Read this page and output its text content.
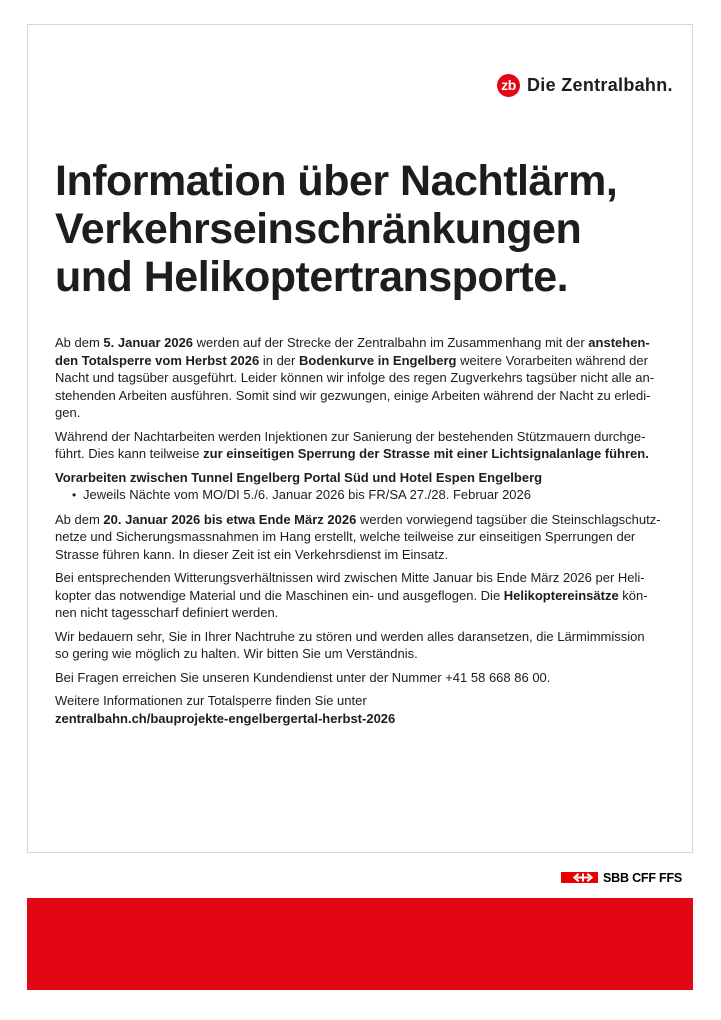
zb Die Zentralbahn.
Information über Nachtlärm,
Verkehrseinschränkungen
und Helikoptertransporte.
Ab dem 5. Januar 2026 werden auf der Strecke der Zentralbahn im Zusammenhang mit der anstehen-
den Totalsperre vom Herbst 2026 in der Bodenkurve in Engelberg weitere Vorarbeiten während der
Nacht und tagsüber ausgeführt. Leider können wir infolge des regen Zugverkehrs tagsüber nicht alle an-
stehenden Arbeiten ausführen. Somit sind wir gezwungen, einige Arbeiten während der Nacht zu erledi-
gen.
Während der Nachtarbeiten werden Injektionen zur Sanierung der bestehenden Stützmauern durchge-
führt. Dies kann teilweise zur einseitigen Sperrung der Strasse mit einer Lichtsignalanlage führen.
Vorarbeiten zwischen Tunnel Engelberg Portal Süd und Hotel Espen Engelberg
• Jeweils Nächte vom MO/DI 5./6. Januar 2026 bis FR/SA 27./28. Februar 2026
Ab dem 20. Januar 2026 bis etwa Ende März 2026 werden vorwiegend tagsüber die Steinschlagschutz-
netze und Sicherungsmassnahmen im Hang erstellt, welche teilweise zur einseitigen Sperrungen der
Strasse führen kann. In dieser Zeit ist ein Verkehrsdienst im Einsatz.
Bei entsprechenden Witterungsverhältnissen wird zwischen Mitte Januar bis Ende März 2026 per Heli-
kopter das notwendige Material und die Maschinen ein- und ausgeflogen. Die Helikoptereinsätze kön-
nen nicht tagesscharf definiert werden.
Wir bedauern sehr, Sie in Ihrer Nachtruhe zu stören und werden alles daransetzen, die Lärmimmission
so gering wie möglich zu halten. Wir bitten Sie um Verständnis.
Bei Fragen erreichen Sie unseren Kundendienst unter der Nummer +41 58 668 86 00.
Weitere Informationen zur Totalsperre finden Sie unter
zentralbahn.ch/bauprojekte-engelbergertal-herbst-2026
SBB CFF FFS
